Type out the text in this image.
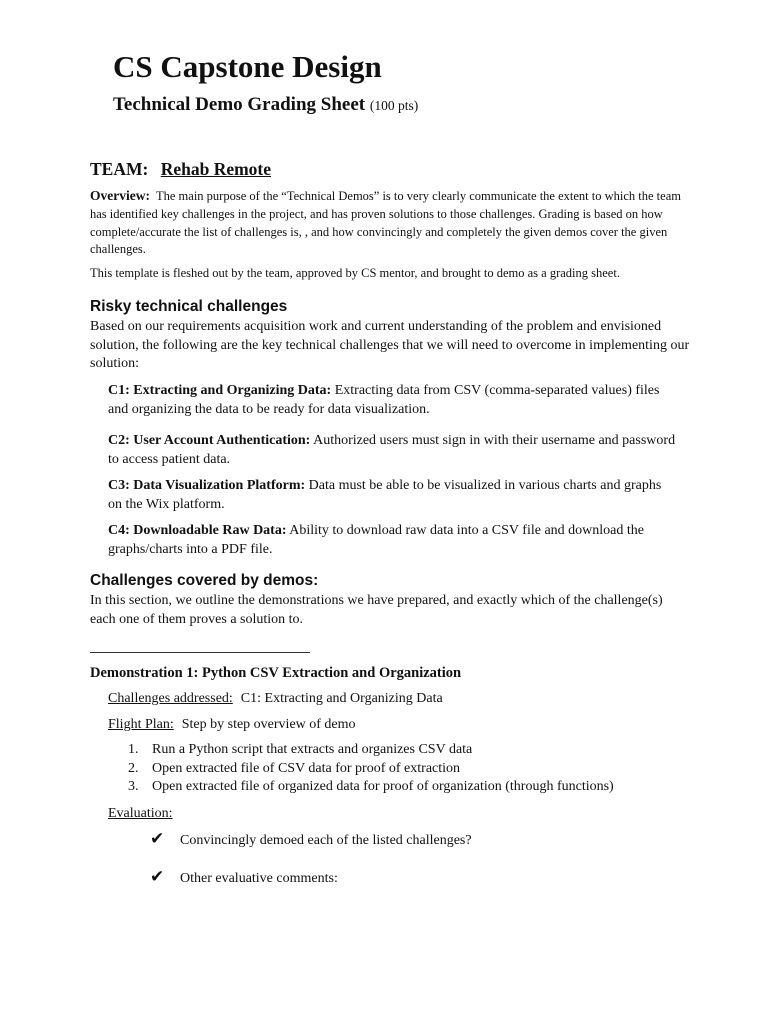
CS Capstone Design
Technical Demo Grading Sheet (100 pts)
TEAM: Rehab Remote
Overview: The main purpose of the “Technical Demos” is to very clearly communicate the extent to which the team has identified key challenges in the project, and has proven solutions to those challenges. Grading is based on how complete/accurate the list of challenges is, , and how convincingly and completely the given demos cover the given challenges.
This template is fleshed out by the team, approved by CS mentor, and brought to demo as a grading sheet.
Risky technical challenges
Based on our requirements acquisition work and current understanding of the problem and envisioned solution, the following are the key technical challenges that we will need to overcome in implementing our solution:
C1: Extracting and Organizing Data: Extracting data from CSV (comma-separated values) files and organizing the data to be ready for data visualization.
C2: User Account Authentication: Authorized users must sign in with their username and password to access patient data.
C3: Data Visualization Platform: Data must be able to be visualized in various charts and graphs on the Wix platform.
C4: Downloadable Raw Data: Ability to download raw data into a CSV file and download the graphs/charts into a PDF file.
Challenges covered by demos:
In this section, we outline the demonstrations we have prepared, and exactly which of the challenge(s) each one of them proves a solution to.
Demonstration 1: Python CSV Extraction and Organization
Challenges addressed: C1: Extracting and Organizing Data
Flight Plan: Step by step overview of demo
1. Run a Python script that extracts and organizes CSV data
2. Open extracted file of CSV data for proof of extraction
3. Open extracted file of organized data for proof of organization (through functions)
Evaluation:
✔ Convincingly demoed each of the listed challenges?
✔ Other evaluative comments:
